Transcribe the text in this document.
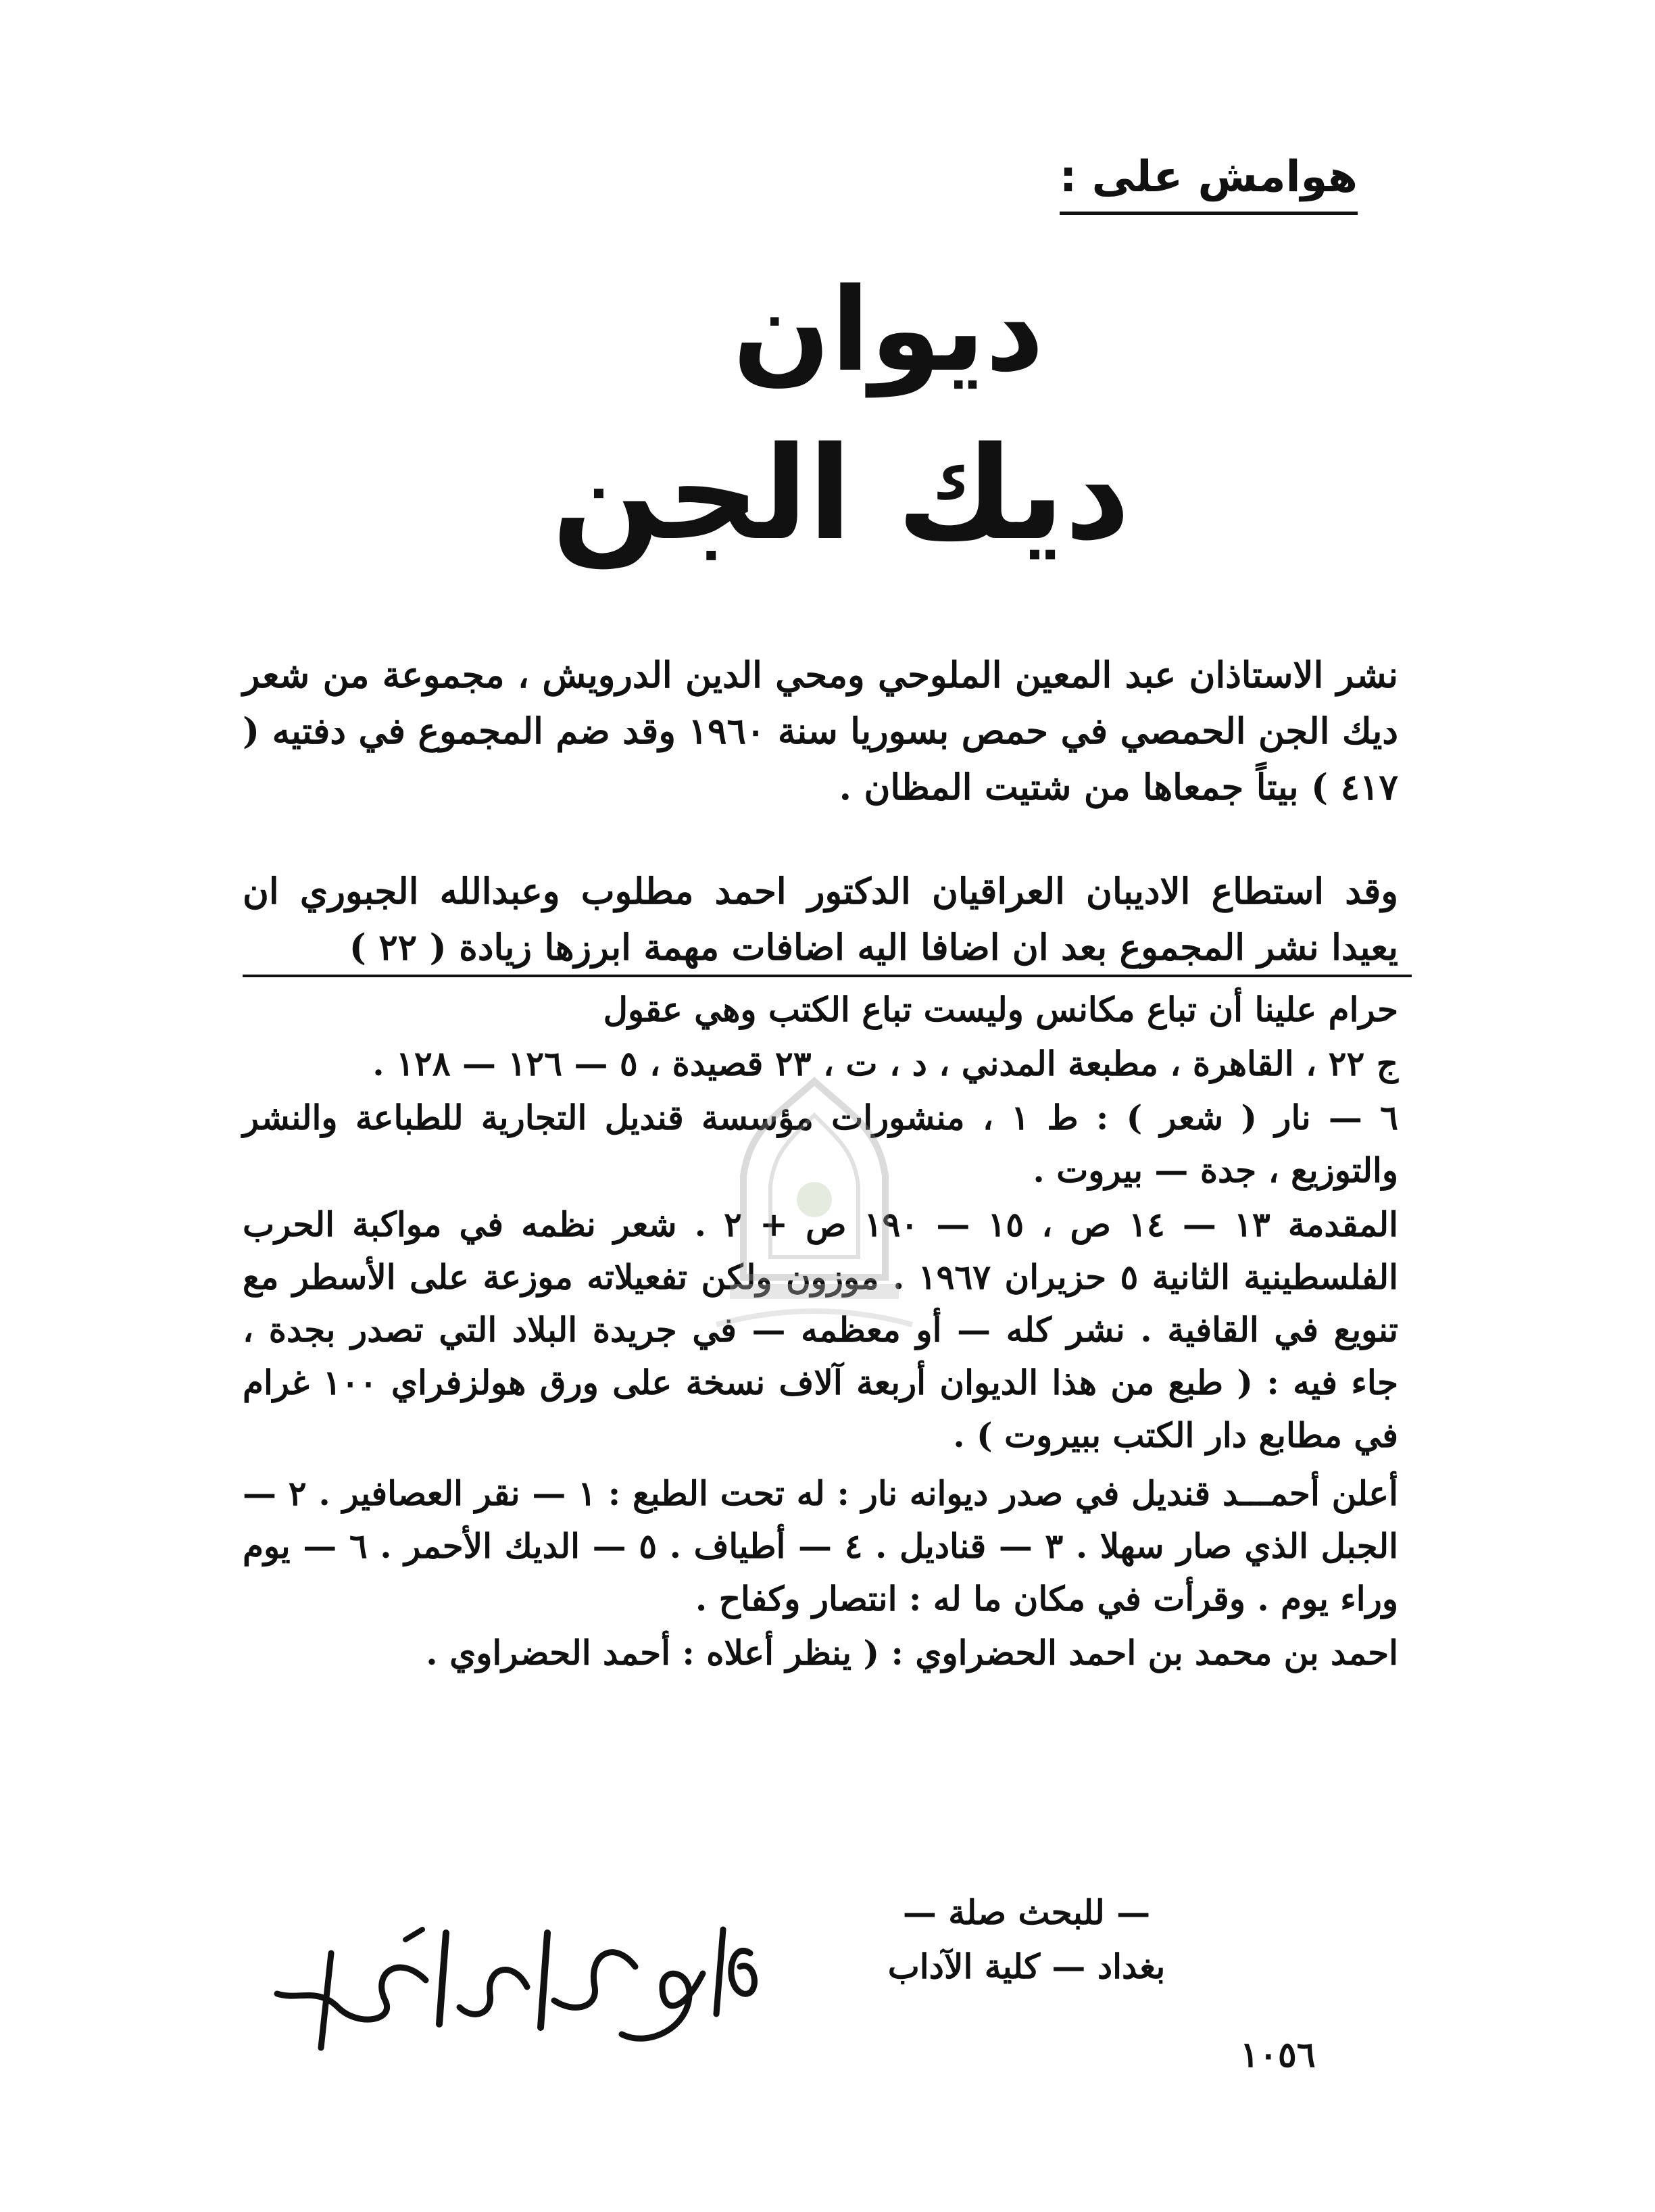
هوامش على :
ديوان
ديك الجن

نشر الاستاذان عبد المعين الملوحي ومحي الدين الدرويش ، مجموعة من شعر ديك الجن الحمصي في حمص بسوريا سنة ١٩٦٠ وقد ضم المجموع في دفتيه ( ٤١٧ ) بيتاً جمعاها من شتيت المظان .

وقد استطاع الاديبان العراقيان الدكتور احمد مطلوب وعبدالله الجبوري ان يعيدا نشر المجموع بعد ان اضافا اليه اضافات مهمة ابرزها زيادة ( ٢٢ )

حرام علينا أن تباع مكانس وليست تباع الكتب وهي عقول

ج ٢٢ ، القاهرة ، مطبعة المدني ، د ، ت ، ٢٣ قصيدة ، ٥ — ١٢٦ — ١٢٨ .

٦ — نار ( شعر ) : ط ١ ، منشورات مؤسسة قنديل التجارية للطباعة والنشر والتوزيع ، جدة — بيروت .

المقدمة ١٣ — ١٤ ص ، ١٥ — ١٩٠ ص + ٢ . شعر نظمه في مواكبة الحرب الفلسطينية الثانية ٥ حزيران ١٩٦٧ . موزون ولكن تفعيلاته موزعة على الأسطر مع تنويع في القافية . نشر كله — أو معظمه — في جريدة البلاد التي تصدر بجدة ، جاء فيه : ( طبع من هذا الديوان أربعة آلاف نسخة على ورق هولزفراي ١٠٠ غرام في مطابع دار الكتب ببيروت ) .

أعلن أحمـــد قنديل في صدر ديوانه نار : له تحت الطبع : ١ — نقر العصافير . ٢ — الجبل الذي صار سهلا . ٣ — قناديل . ٤ — أطياف . ٥ — الديك الأحمر . ٦ — يوم وراء يوم . وقرأت في مكان ما له : انتصار وكفاح .

احمد بن محمد بن احمد الحضراوي : ( ينظر أعلاه : أحمد الحضراوي .

— للبحث صلة —
بغداد — كلية الآداب
١٠٥٦
